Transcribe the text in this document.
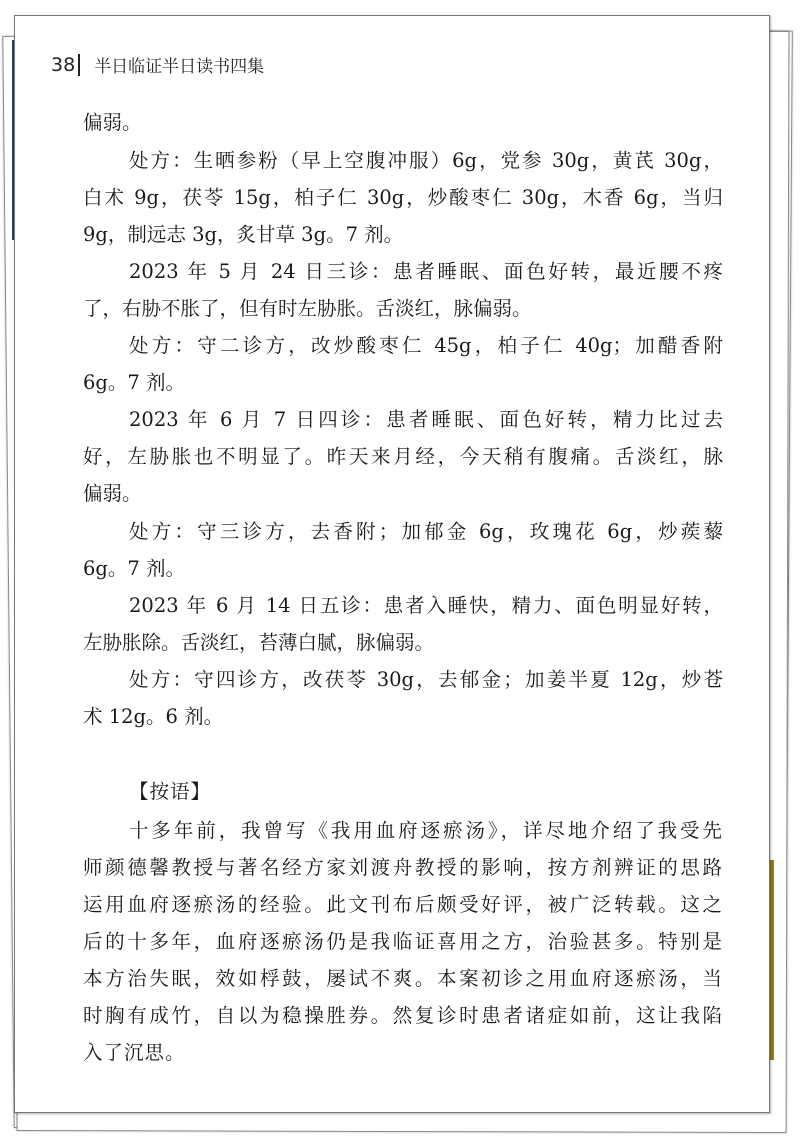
38 半日临证半日读书四集
偏弱。
处方：生晒参粉（早上空腹冲服）6g，党参 30g，黄芪 30g，
白术 9g，茯苓 15g，柏子仁 30g，炒酸枣仁 30g，木香 6g，当归
9g，制远志 3g，炙甘草 3g。7 剂。
2023 年 5 月 24 日三诊：患者睡眠、面色好转，最近腰不疼
了，右胁不胀了，但有时左胁胀。舌淡红，脉偏弱。
处方：守二诊方，改炒酸枣仁 45g，柏子仁 40g；加醋香附
6g。7 剂。
2023 年 6 月 7 日四诊：患者睡眠、面色好转，精力比过去
好，左胁胀也不明显了。昨天来月经，今天稍有腹痛。舌淡红，脉
偏弱。
处方：守三诊方，去香附；加郁金 6g，玫瑰花 6g，炒蒺藜
6g。7 剂。
2023 年 6 月 14 日五诊：患者入睡快，精力、面色明显好转，
左胁胀除。舌淡红，苔薄白腻，脉偏弱。
处方：守四诊方，改茯苓 30g，去郁金；加姜半夏 12g，炒苍
术 12g。6 剂。
【按语】
十多年前，我曾写《我用血府逐瘀汤》，详尽地介绍了我受先
师颜德馨教授与著名经方家刘渡舟教授的影响，按方剂辨证的思路
运用血府逐瘀汤的经验。此文刊布后颇受好评，被广泛转载。这之
后的十多年，血府逐瘀汤仍是我临证喜用之方，治验甚多。特别是
本方治失眠，效如桴鼓，屡试不爽。本案初诊之用血府逐瘀汤，当
时胸有成竹，自以为稳操胜券。然复诊时患者诸症如前，这让我陷
入了沉思。
